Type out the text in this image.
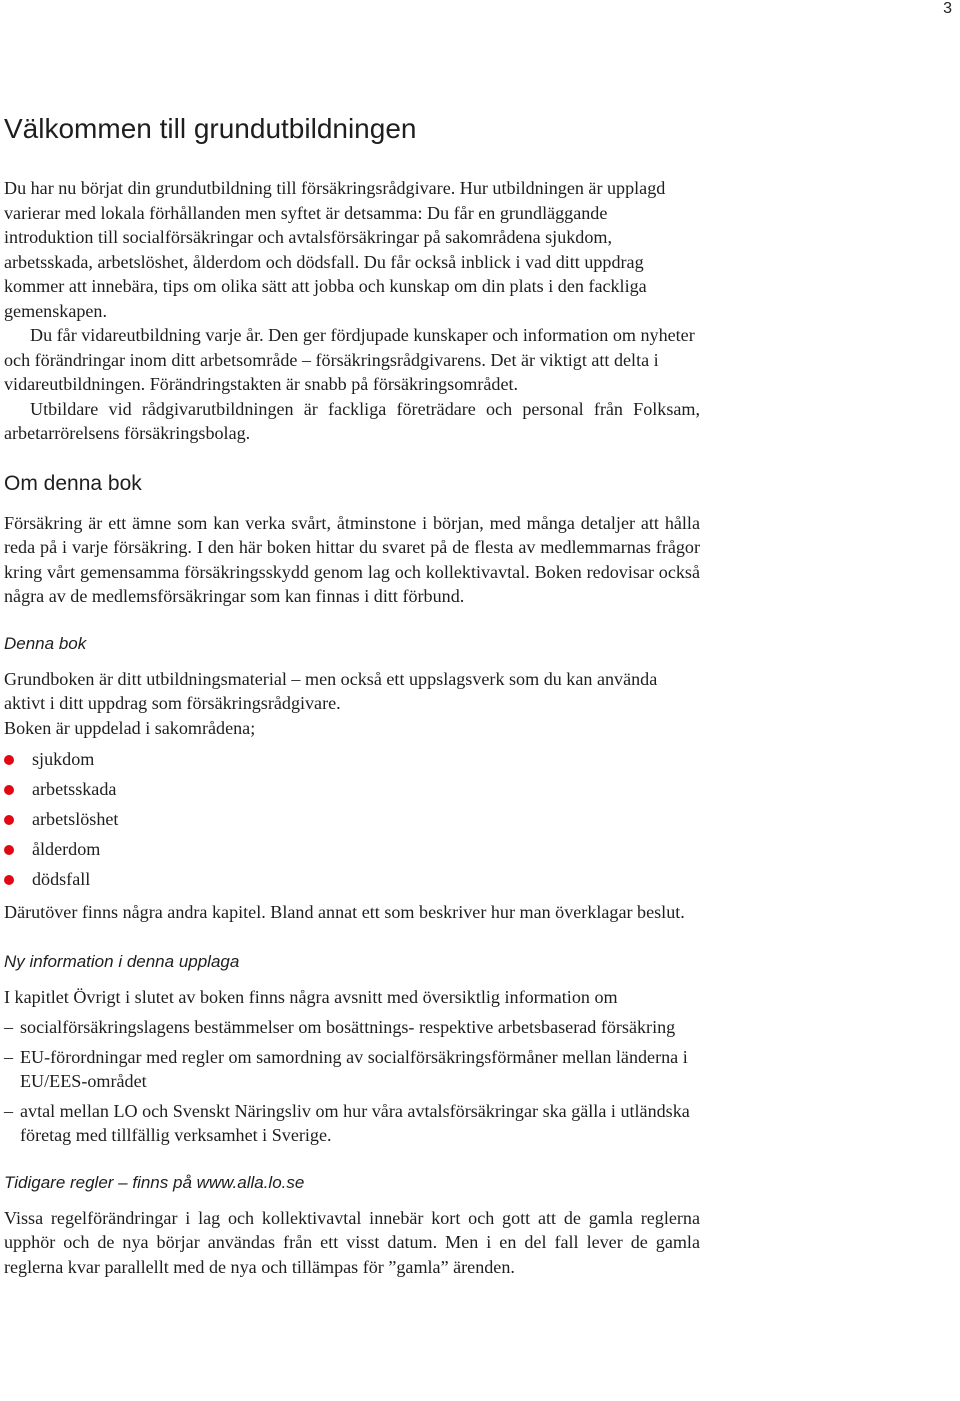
3
Välkommen till grundutbildningen

Du har nu börjat din grundutbildning till försäkringsrådgivare. Hur utbildningen är upplagd varierar med lokala förhållanden men syftet är detsamma: Du får en grundläggande introduktion till socialförsäkringar och avtalsförsäkringar på sakområdena sjukdom, arbetsskada, arbetslöshet, ålderdom och dödsfall. Du får också inblick i vad ditt uppdrag kommer att innebära, tips om olika sätt att jobba och kunskap om din plats i den fackliga gemenskapen.

Du får vidareutbildning varje år. Den ger fördjupade kunskaper och information om nyheter och förändringar inom ditt arbetsområde – försäkringsrådgivarens. Det är viktigt att delta i vidareutbildningen. Förändringstakten är snabb på försäkringsområdet.

Utbildare vid rådgivarutbildningen är fackliga företrädare och personal från Folksam, arbetarrörelsens försäkringsbolag.

Om denna bok

Försäkring är ett ämne som kan verka svårt, åtminstone i början, med många detaljer att hålla reda på i varje försäkring. I den här boken hittar du svaret på de flesta av medlemmarnas frågor kring vårt gemensamma försäkringsskydd genom lag och kollektivavtal. Boken redovisar också några av de medlemsförsäkringar som kan finnas i ditt förbund.

Denna bok

Grundboken är ditt utbildningsmaterial – men också ett uppslagsverk som du kan använda aktivt i ditt uppdrag som försäkringsrådgivare.

Boken är uppdelad i sakområdena;

sjukdom
arbetsskada
arbetslöshet
ålderdom
dödsfall

Därutöver finns några andra kapitel. Bland annat ett som beskriver hur man överklagar beslut.

Ny information i denna upplaga

I kapitlet Övrigt i slutet av boken finns några avsnitt med översiktlig information om

– socialförsäkringslagens bestämmelser om bosättnings- respektive arbetsbaserad försäkring
– EU-förordningar med regler om samordning av socialförsäkringsförmåner mellan länderna i EU/EES-området
– avtal mellan LO och Svenskt Näringsliv om hur våra avtalsförsäkringar ska gälla i utländska företag med tillfällig verksamhet i Sverige.
Tidigare regler – finns på www.alla.lo.se

Vissa regelförändringar i lag och kollektivavtal innebär kort och gott att de gamla reglerna upphör och de nya börjar användas från ett visst datum. Men i en del fall lever de gamla reglerna kvar parallellt med de nya och tillämpas för ”gamla” ärenden.
